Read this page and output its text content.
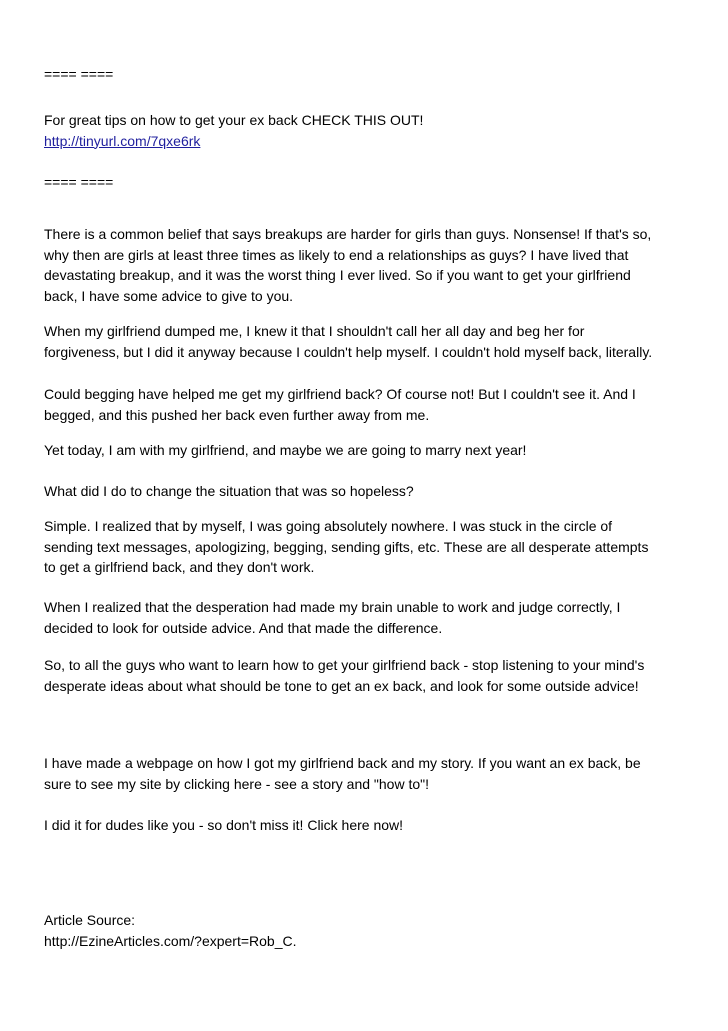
==== ====

For great tips on how to get your ex back CHECK THIS OUT!

http://tinyurl.com/7qxe6rk

==== ====

There is a common belief that says breakups are harder for girls than guys. Nonsense! If that's so,

why then are girls at least three times as likely to end a relationships as guys? I have lived that

devastating breakup, and it was the worst thing I ever lived. So if you want to get your girlfriend

back, I have some advice to give to you.

When my girlfriend dumped me, I knew it that I shouldn't call her all day and beg her for

forgiveness, but I did it anyway because I couldn't help myself. I couldn't hold myself back, literally.

Could begging have helped me get my girlfriend back? Of course not! But I couldn't see it. And I

begged, and this pushed her back even further away from me.

Yet today, I am with my girlfriend, and maybe we are going to marry next year!

What did I do to change the situation that was so hopeless?

Simple. I realized that by myself, I was going absolutely nowhere. I was stuck in the circle of

sending text messages, apologizing, begging, sending gifts, etc. These are all desperate attempts

to get a girlfriend back, and they don't work.

When I realized that the desperation had made my brain unable to work and judge correctly, I

decided to look for outside advice. And that made the difference.

So, to all the guys who want to learn how to get your girlfriend back - stop listening to your mind's

desperate ideas about what should be tone to get an ex back, and look for some outside advice!

I have made a webpage on how I got my girlfriend back and my story. If you want an ex back, be

sure to see my site by clicking here - see a story and "how to"!

I did it for dudes like you - so don't miss it! Click here now!

Article Source:

http://EzineArticles.com/?expert=Rob_C.
